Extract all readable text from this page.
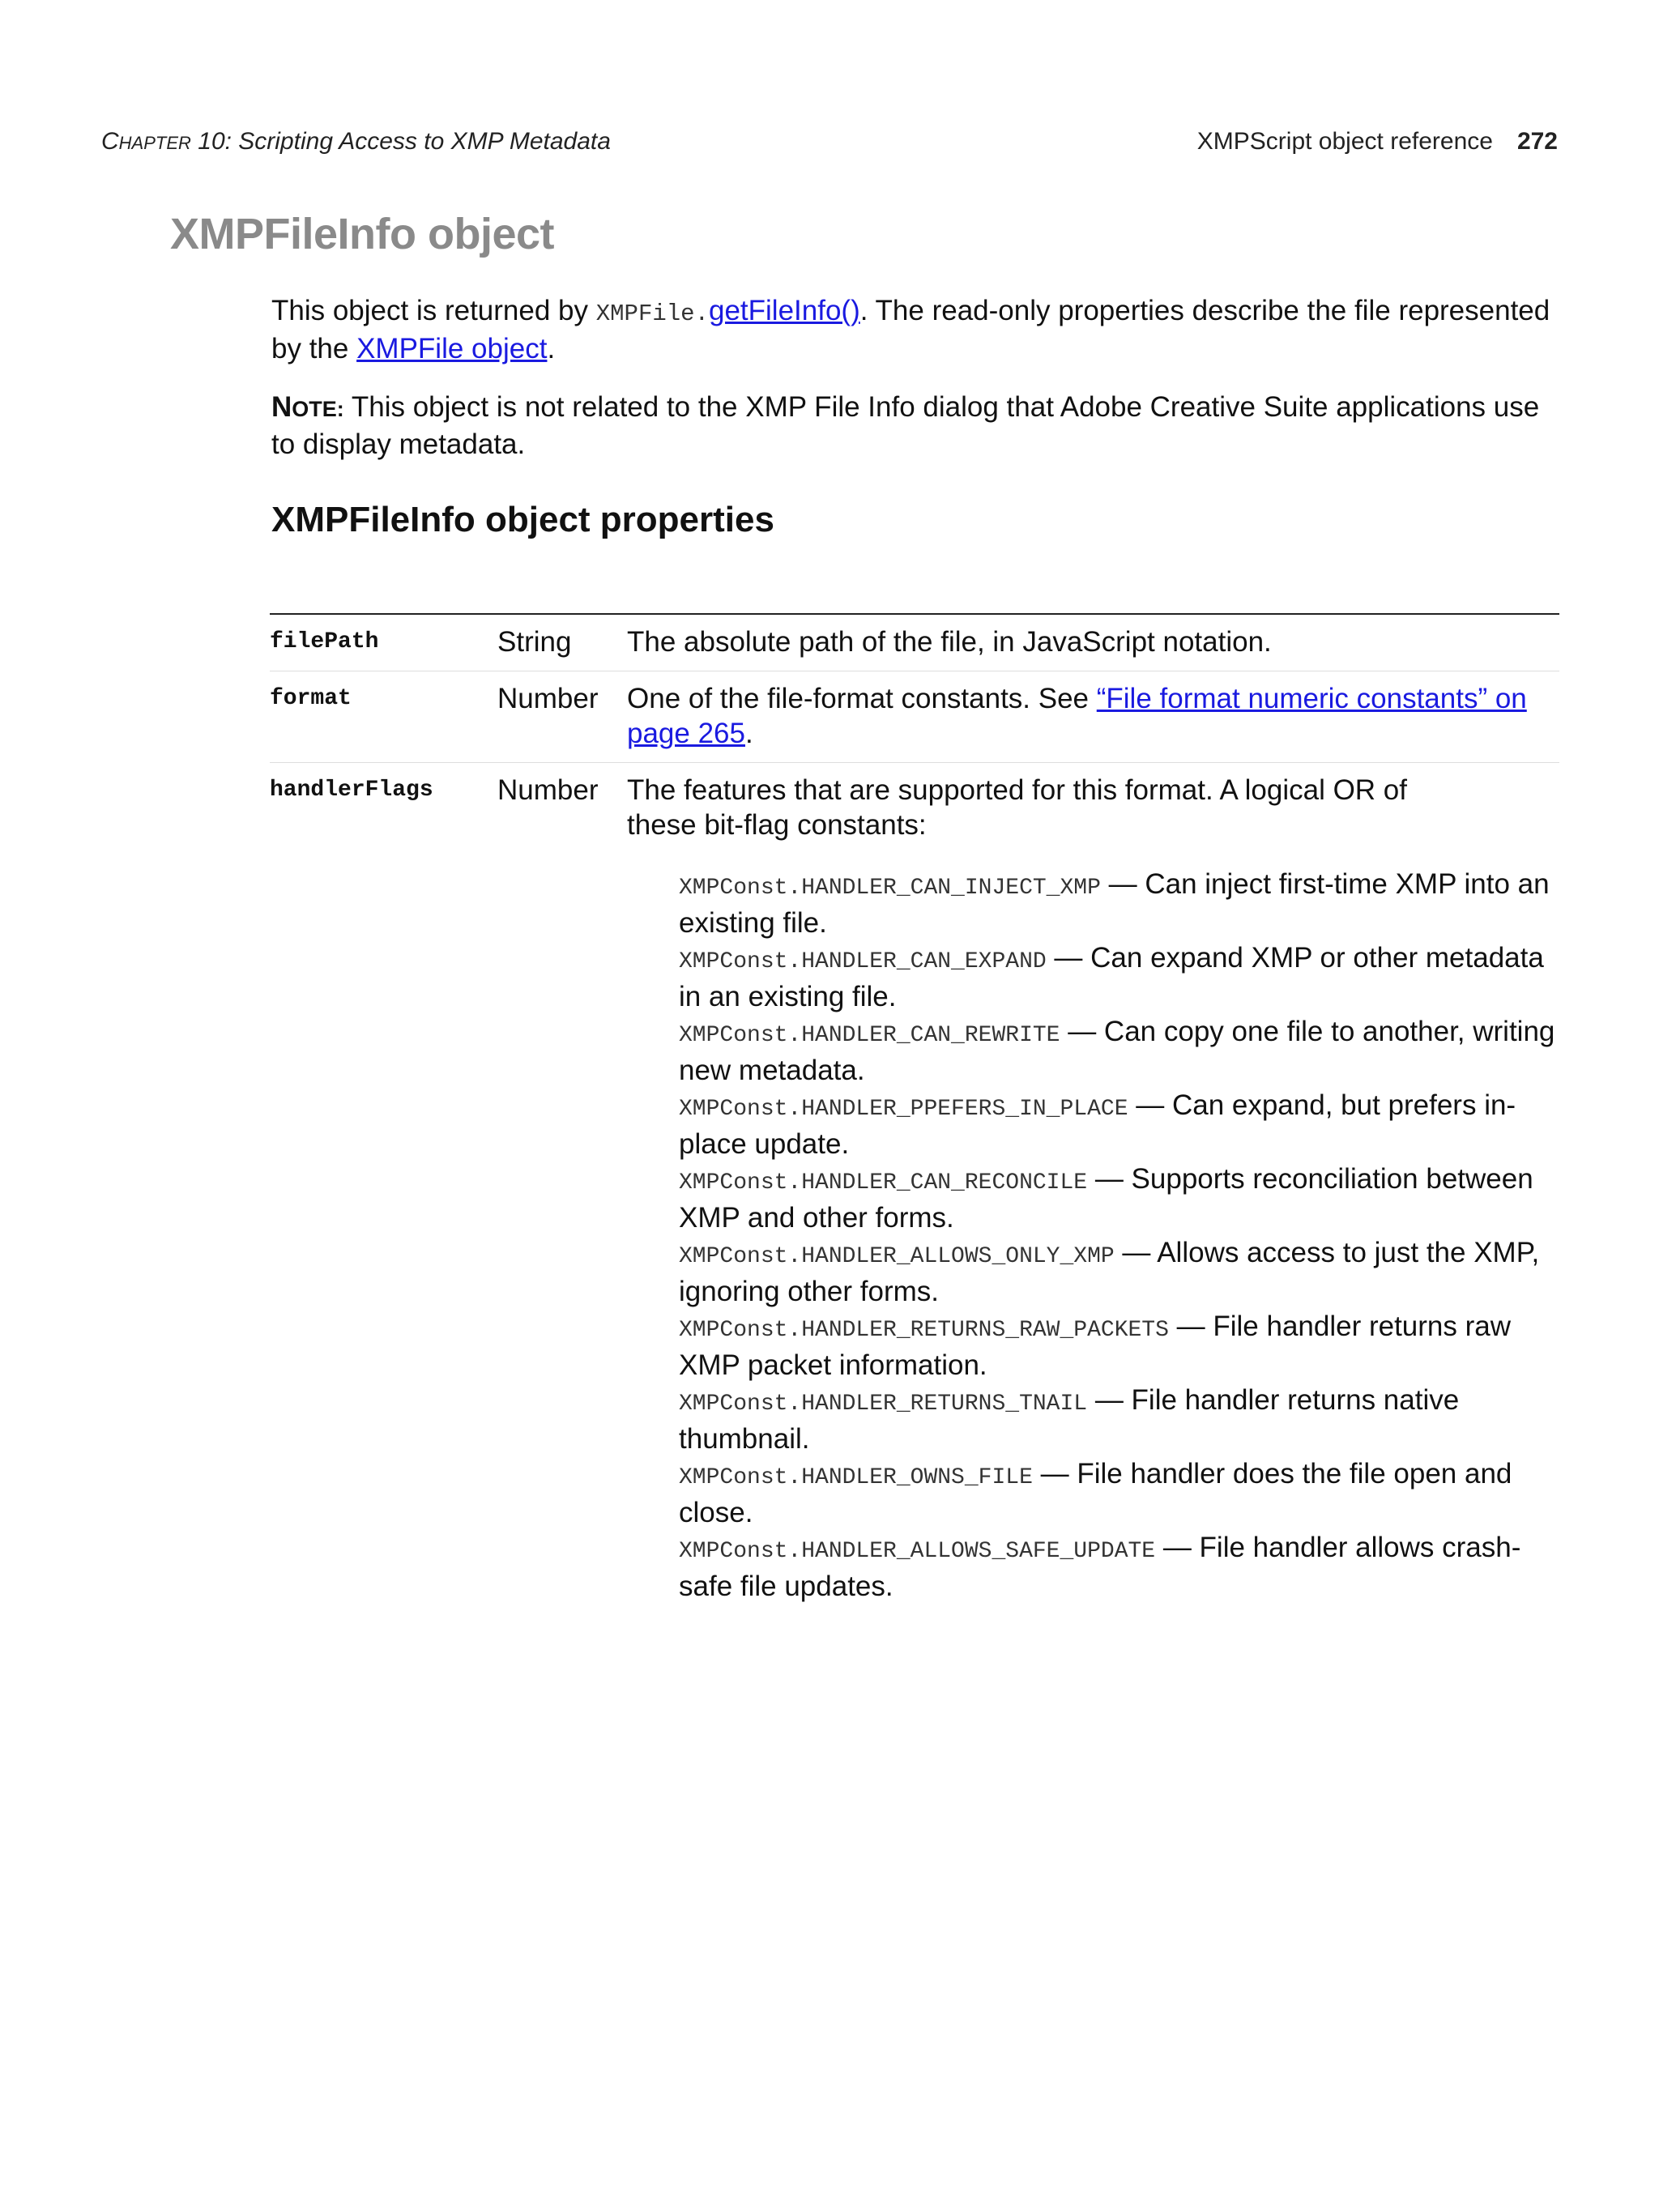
CHAPTER 10: Scripting Access to XMP Metadata	XMPScript object reference 272
XMPFileInfo object

This object is returned by XMPFile.getFileInfo(). The read-only properties describe the file represented by the XMPFile object.

NOTE: This object is not related to the XMP File Info dialog that Adobe Creative Suite applications use to display metadata.

XMPFileInfo object properties
filePath	String	The absolute path of the file, in JavaScript notation.
format	Number	One of the file-format constants. See “File format numeric constants” on page 265.
handlerFlags	Number	The features that are supported for this format. A logical OR of these bit-flag constants:
XMPConst.HANDLER_CAN_INJECT_XMP — Can inject first-time XMP into an existing file.
XMPConst.HANDLER_CAN_EXPAND — Can expand XMP or other metadata in an existing file.
XMPConst.HANDLER_CAN_REWRITE — Can copy one file to another, writing new metadata.
XMPConst.HANDLER_PPEFERS_IN_PLACE — Can expand, but prefers in-place update.
XMPConst.HANDLER_CAN_RECONCILE — Supports reconciliation between XMP and other forms.
XMPConst.HANDLER_ALLOWS_ONLY_XMP — Allows access to just the XMP, ignoring other forms.
XMPConst.HANDLER_RETURNS_RAW_PACKETS — File handler returns raw XMP packet information.
XMPConst.HANDLER_RETURNS_TNAIL — File handler returns native thumbnail.
XMPConst.HANDLER_OWNS_FILE — File handler does the file open and close.
XMPConst.HANDLER_ALLOWS_SAFE_UPDATE — File handler allows crash-safe file updates.
